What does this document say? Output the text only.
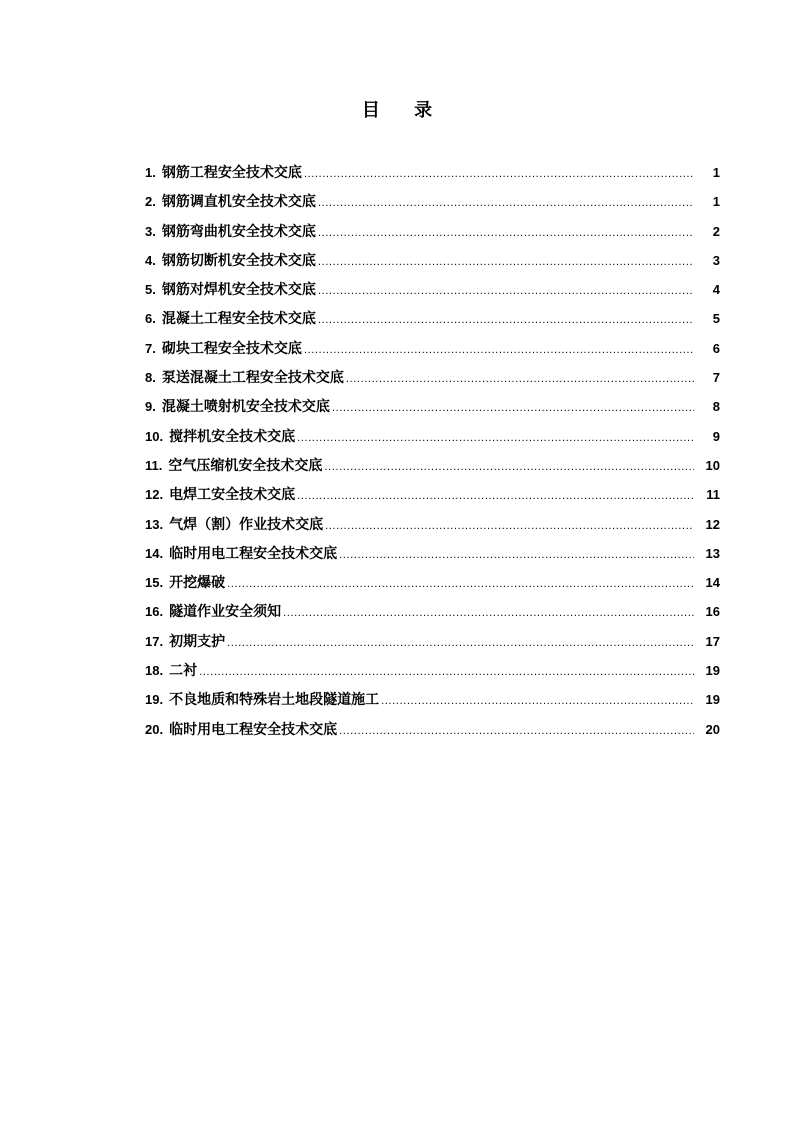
目 录
1. 钢筋工程安全技术交底 .....	1
2. 钢筋调直机安全技术交底 .....	1
3. 钢筋弯曲机安全技术交底 .....	2
4. 钢筋切断机安全技术交底 .....	3
5. 钢筋对焊机安全技术交底 .....	4
6. 混凝土工程安全技术交底 .....	5
7. 砌块工程安全技术交底 .....	6
8. 泵送混凝土工程安全技术交底 .....	7
9. 混凝土喷射机安全技术交底 .....	8
10. 搅拌机安全技术交底 .....	9
11. 空气压缩机安全技术交底 .....	10
12. 电焊工安全技术交底 .....	11
13. 气焊（割）作业技术交底 .....	12
14. 临时用电工程安全技术交底 .....	13
15. 开挖爆破 .....	14
16. 隧道作业安全须知 .....	16
17. 初期支护 .....	17
18. 二衬 .....	19
19. 不良地质和特殊岩土地段隧道施工 .....	19
20. 临时用电工程安全技术交底 .....	20
